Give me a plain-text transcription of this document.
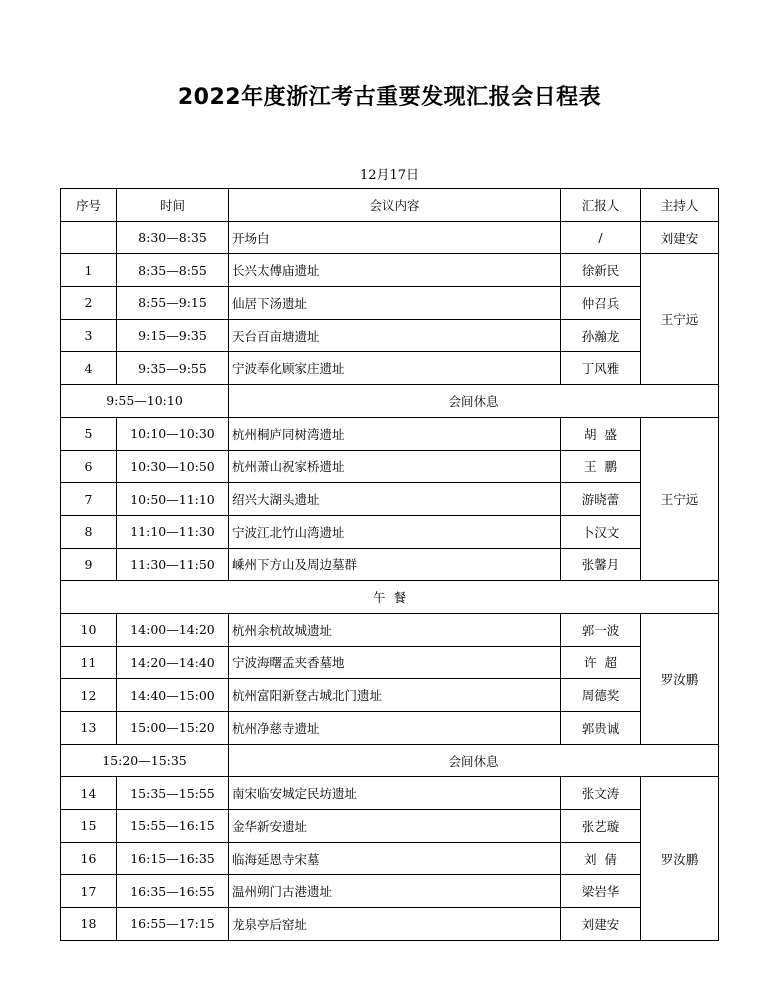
2022年度浙江考古重要发现汇报会日程表
12月17日
序号	时间	会议内容	汇报人	主持人
	8:30—8:35	开场白	/	刘建安
1	8:35—8:55	长兴太傅庙遗址	徐新民	王宁远
2	8:55—9:15	仙居下汤遗址	仲召兵	
3	9:15—9:35	天台百亩塘遗址	孙瀚龙	
4	9:35—9:55	宁波奉化顾家庄遗址	丁风雅	
9:55—10:10		会间休息		
5	10:10—10:30	杭州桐庐同树湾遗址	胡  盛	王宁远
6	10:30—10:50	杭州萧山祝家桥遗址	王  鹏	
7	10:50—11:10	绍兴大湖头遗址	游晓蕾	
8	11:10—11:30	宁波江北竹山湾遗址	卜汉文	
9	11:30—11:50	嵊州下方山及周边墓群	张馨月	
午  餐				
10	14:00—14:20	杭州余杭故城遗址	郭一波	罗汝鹏
11	14:20—14:40	宁波海曙孟夹香墓地	许  超	
12	14:40—15:00	杭州富阳新登古城北门遗址	周德奖	
13	15:00—15:20	杭州净慈寺遗址	郭贵诚	
15:20—15:35		会间休息		
14	15:35—15:55	南宋临安城定民坊遗址	张文涛	罗汝鹏
15	15:55—16:15	金华新安遗址	张艺璇	
16	16:15—16:35	临海延恩寺宋墓	刘  倩	
17	16:35—16:55	温州朔门古港遗址	梁岩华	
18	16:55—17:15	龙泉亭后窑址	刘建安	
